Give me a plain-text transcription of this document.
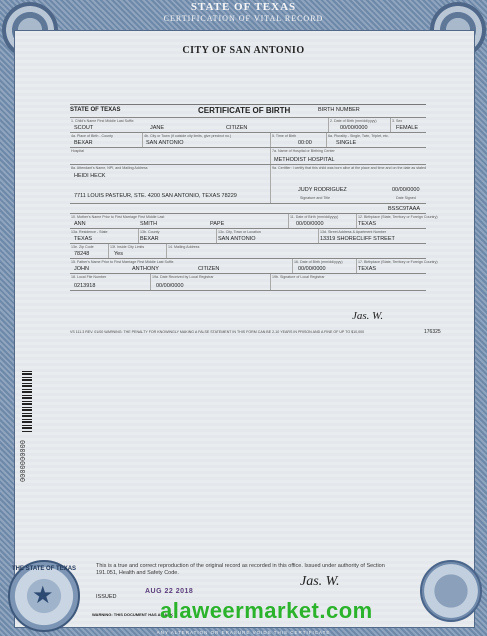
STATE OF TEXAS
CERTIFICATION OF VITAL RECORD
CITY OF SAN ANTONIO
STATE OF TEXAS	CERTIFICATE OF BIRTH	BIRTH NUMBER
1. Child's Name First Middle Last Suffix
SCOUT	JANE	CITIZEN
2. Date of Birth (mm/dd/yyyy)
00/00/0000
3. Sex
FEMALE
4a. Place of Birth - County
BEXAR
4b. City or Town (if outside city limits, give precinct no.)
SAN ANTONIO
5. Time of Birth
00:00
6a. Plurality - Single, Twin, Triplet, etc.
SINGLE
Hospital	7a. Name of Hospital or Birthing Center
METHODIST HOSPITAL
8a. Attendant's Name, NPI, and Mailing Address
HEIDI HECK
7711 LOUIS PASTEUR, STE. 4200 SAN ANTONIO, TEXAS 78229
9a. Certifier: I certify that this child was born alive at the place and time and on the date as stated
JUDY RODRIGUEZ
Signature and Title
00/00/0000
Date Signed
BSSC9TAAA
10. Mother's Name Prior to First Marriage First Middle Last
ANN	SMITH	PAPE
11. Date of Birth (mm/dd/yyyy)
00/00/0000
12. Birthplace (State, Territory or Foreign Country)
TEXAS
13a. Residence - State
TEXAS
13b. County
BEXAR
13c. City, Town or Location
SAN ANTONIO
13d. Street Address & Apartment Number
13319 SHORECLIFF STREET
13e. Zip Code
78248
13f. Inside City Limits
Yes
14. Mailing Address
15. Father's Name Prior to First Marriage First Middle Last Suffix
JOHN	ANTHONY	CITIZEN
16. Date of Birth (mm/dd/yyyy)
00/00/0000
17. Birthplace (State, Territory or Foreign Country)
TEXAS
18. Local File Number
0213918
19a. Date Received by Local Registrar
00/00/0000
19b. Signature of Local Registrar
Jas. W.
176325
VS 111.3 REV. 01/00 WARNING: THE PENALTY FOR KNOWINGLY MAKING A FALSE STATEMENT IN THIS FORM CAN BE 2-10 YEARS IN PRISON AND A FINE OF UP TO $10,000
0000000000
This is a true and correct reproduction of the original record as recorded in this office. Issued under authority of Section 191.051, Health and Safety Code.
ISSUED
AUG 22 2018
Jas. W.
WARNING: THIS DOCUMENT HAS A DARK
THE STATE OF TEXAS
★
alaweermarket.com
ANY ALTERATION OR ERASURE VOIDS THIS CERTIFICATE
